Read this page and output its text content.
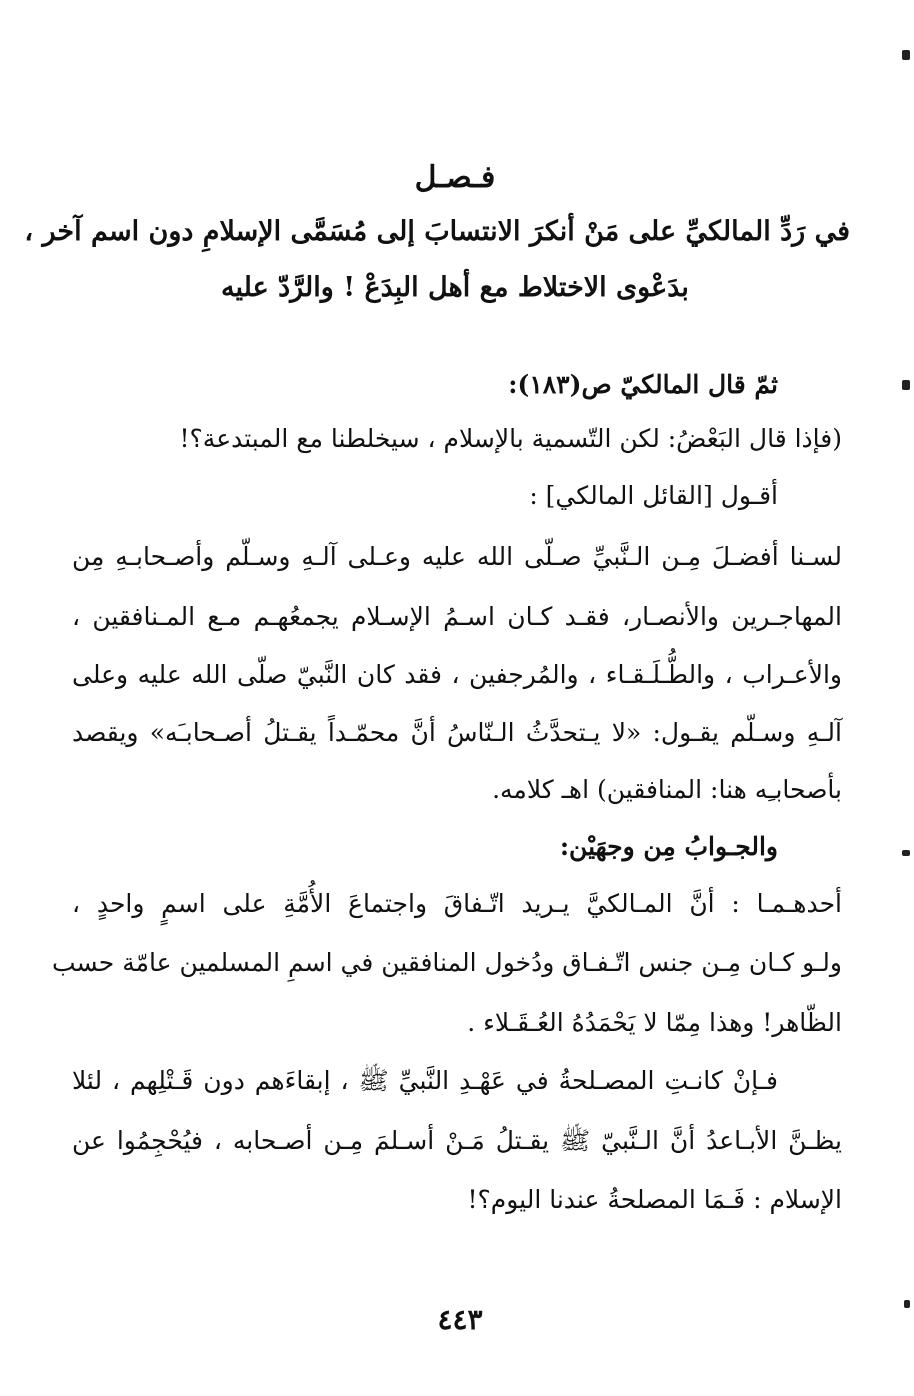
فـصـل
في رَدِّ المالكيِّ على مَنْ أنكرَ الانتسابَ إلى مُسَمَّى الإسلامِ دون اسم آخر ،
بدَعْوى الاختلاط مع أهل البِدَعْ ! والرَّدّ عليه
ثمّ قال المالكيّ ص(١٨٣):
(فإذا قال البَعْضُ: لكن التّسمية بالإسلام ، سيخلطنا مع المبتدعة؟!
أقـول [القائل المالكي] :
لسـنا أفضـلَ مِـن الـنَّبيِّ صـلّى الله عليه وعـلى آلـهِ وسـلّم وأصـحابـهِ مِن
المهاجـرين والأنصـار، فقـد كـان اسـمُ الإسـلام يجمعُهـم مـع المـنافقين ،
والأعـراب ، والطُّـلَـقـاء ، والمُرجفين ، فقد كان النَّبيّ صلّى الله عليه وعلى
آلـهِ وسـلّم يقـول: «لا يـتحدَّثُ الـنّاسُ أنَّ محمّـداً يقـتلُ أصـحابـَه» ويقصد
بأصحابـِه هنا: المنافقين) اهـ كلامه.
والجـوابُ مِن وجهَيْن:
أحدهـمـا : أنَّ المـالكيَّ يـريد اتّـفاقَ واجتماعَ الأُمَّةِ على اسمٍ واحدٍ ،
ولـو كـان مِـن جنس اتّـفـاق ودُخول المنافقين في اسمِ المسلمين عامّة حسب
الظّاهر! وهذا مِمّا لا يَحْمَدُهُ العُـقَـلاء .
فـإنْ كانـتِ المصـلحةُ في عَهْـدِ النَّبيِّ ﷺ ، إبقاءَهم دون قَـتْلِهم ، لئلا
يظـنَّ الأبـاعدُ أنَّ الـنَّبيّ ﷺ يقـتلُ مَـنْ أسـلمَ مِـن أصـحابه ، فيُحْجِمُوا عن
الإسلام : فَـمَا المصلحةُ عندنا اليوم؟!
٤٤٣
